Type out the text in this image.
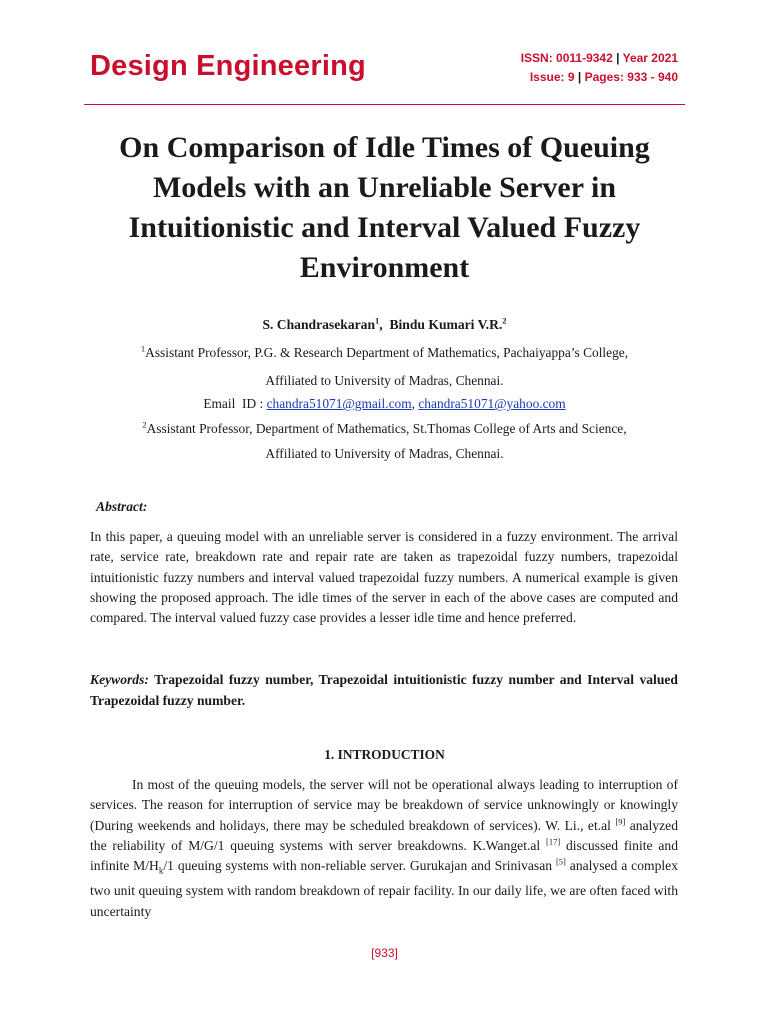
Design Engineering	ISSN: 0011-9342 | Year 2021
Issue: 9 | Pages: 933 - 940
On Comparison of Idle Times of Queuing
Models with an Unreliable Server in
Intuitionistic and Interval Valued Fuzzy
Environment
S. Chandrasekaran$^1$,  Bindu Kumari V.R.$^2$
$^1$Assistant Professor, P.G. & Research Department of Mathematics, Pachaiyappa’s College,
Affiliated to University of Madras, Chennai.
Email  ID : chandra51071@gmail.com, chandra51071@yahoo.com
$^2$Assistant Professor, Department of Mathematics, St.Thomas College of Arts and Science,
Affiliated to University of Madras, Chennai.
Abstract:
In this paper, a queuing model with an unreliable server is considered in a fuzzy environment. The arrival rate, service rate, breakdown rate and repair rate are taken as trapezoidal fuzzy numbers, trapezoidal intuitionistic fuzzy numbers and interval valued trapezoidal fuzzy numbers. A numerical example is given showing the proposed approach. The idle times of the server in each of the above cases are computed and compared. The interval valued fuzzy case provides a lesser idle time and hence preferred.
Keywords: Trapezoidal fuzzy number, Trapezoidal intuitionistic fuzzy number and Interval valued Trapezoidal fuzzy number.
1. INTRODUCTION
In most of the queuing models, the server will not be operational always leading to interruption of services. The reason for interruption of service may be breakdown of service unknowingly or knowingly (During weekends and holidays, there may be scheduled breakdown of services). W. Li., et.al [9] analyzed the reliability of M/G/1 queuing systems with server breakdowns. K.Wanget.al [17] discussed finite and infinite $M/H_k/1$ queuing systems with non-reliable server. Gurukajan and Srinivasan [5] analysed a complex two unit queuing system with random breakdown of repair facility. In our daily life, we are often faced with uncertainty
[933]
